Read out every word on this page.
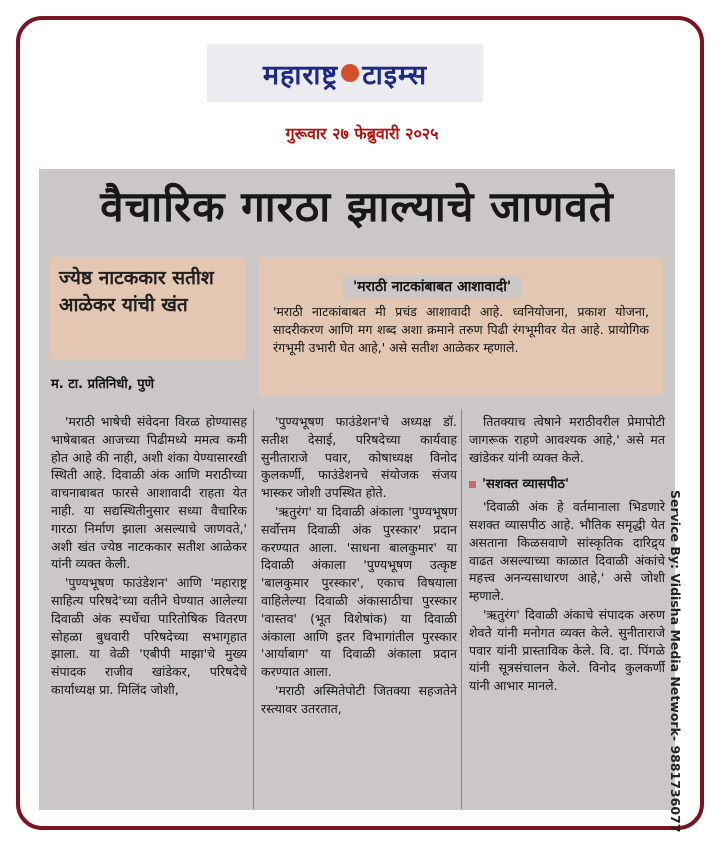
महाराष्ट्र टाइम्स
गुरूवार २७ फेब्रुवारी २०२५
वैचारिक गारठा झाल्याचे जाणवते
ज्येष्ठ नाटककार सतीश आळेकर यांची खंत
म. टा. प्रतिनिधी, पुणे
'मराठी नाटकांबाबत आशावादी'
'मराठी नाटकांबाबत मी प्रचंड आशावादी आहे. ध्वनियोजना, प्रकाश योजना, सादरीकरण आणि मग शब्द अशा क्रमाने तरुण पिढी रंगभूमीवर येत आहे. प्रायोगिक रंगभूमी उभारी घेत आहे,' असे सतीश आळेकर म्हणाले.

'मराठी भाषेची संवेदना विरळ होण्यासह भाषेबाबत आजच्या पिढीमध्ये ममत्व कमी होत आहे की नाही, अशी शंका येण्यासारखी स्थिती आहे. दिवाळी अंक आणि मराठीच्या वाचनाबाबत फारसे आशावादी राहता येत नाही. या सद्यस्थितीनुसार सध्या वैचारिक गारठा निर्माण झाला असल्याचे जाणवते,' अशी खंत ज्येष्ठ नाटककार सतीश आळेकर यांनी व्यक्त केली.

'पुण्यभूषण फाउंडेशन' आणि 'महाराष्ट्र साहित्य परिषदे'च्या वतीने घेण्यात आलेल्या दिवाळी अंक स्पर्धेचा पारितोषिक वितरण सोहळा बुधवारी परिषदेच्या सभागृहात झाला. या वेळी 'एबीपी माझा'चे मुख्य संपादक राजीव खांडेकर, परिषदेचे कार्याध्यक्ष प्रा. मिलिंद जोशी,

'पुण्यभूषण फाउंडेशन'चे अध्यक्ष डॉ. सतीश देसाई, परिषदेच्या कार्यवाह सुनीताराजे पवार, कोषाध्यक्ष विनोद कुलकर्णी, फाउंडेशनचे संयोजक संजय भास्कर जोशी उपस्थित होते.

'ऋतुरंग' या दिवाळी अंकाला 'पुण्यभूषण सर्वोत्तम दिवाळी अंक पुरस्कार' प्रदान करण्यात आला. 'साधना बालकुमार' या दिवाळी अंकाला 'पुण्यभूषण उत्कृष्ट 'बालकुमार पुरस्कार', एकाच विषयाला वाहिलेल्या दिवाळी अंकासाठीचा पुरस्कार 'वास्तव' (भूत विशेषांक) या दिवाळी अंकाला आणि इतर विभागांतील पुरस्कार 'आर्याबाग' या दिवाळी अंकाला प्रदान करण्यात आला.

'मराठी अस्मितेपोटी जितक्या सहजतेने रस्त्यावर उतरतात,

तितक्याच त्वेषाने मराठीवरील प्रेमापोटी जागरूक राहणे आवश्यक आहे,' असे मत खांडेकर यांनी व्यक्त केले.

'सशक्त व्यासपीठ'

'दिवाळी अंक हे वर्तमानाला भिडणारे सशक्त व्यासपीठ आहे. भौतिक समृद्धी येत असताना किळसवाणे सांस्कृतिक दारिद्र्य वाढत असल्याच्या काळात दिवाळी अंकांचे महत्त्व अनन्यसाधारण आहे,' असे जोशी म्हणाले.

'ऋतुरंग' दिवाळी अंकाचे संपादक अरुण शेवते यांनी मनोगत व्यक्त केले. सुनीताराजे पवार यांनी प्रास्ताविक केले. वि. दा. पिंगळे यांनी सूत्रसंचालन केले. विनोद कुलकर्णी यांनी आभार मानले.	Service By: Vidisha Media Network- 9881736077
